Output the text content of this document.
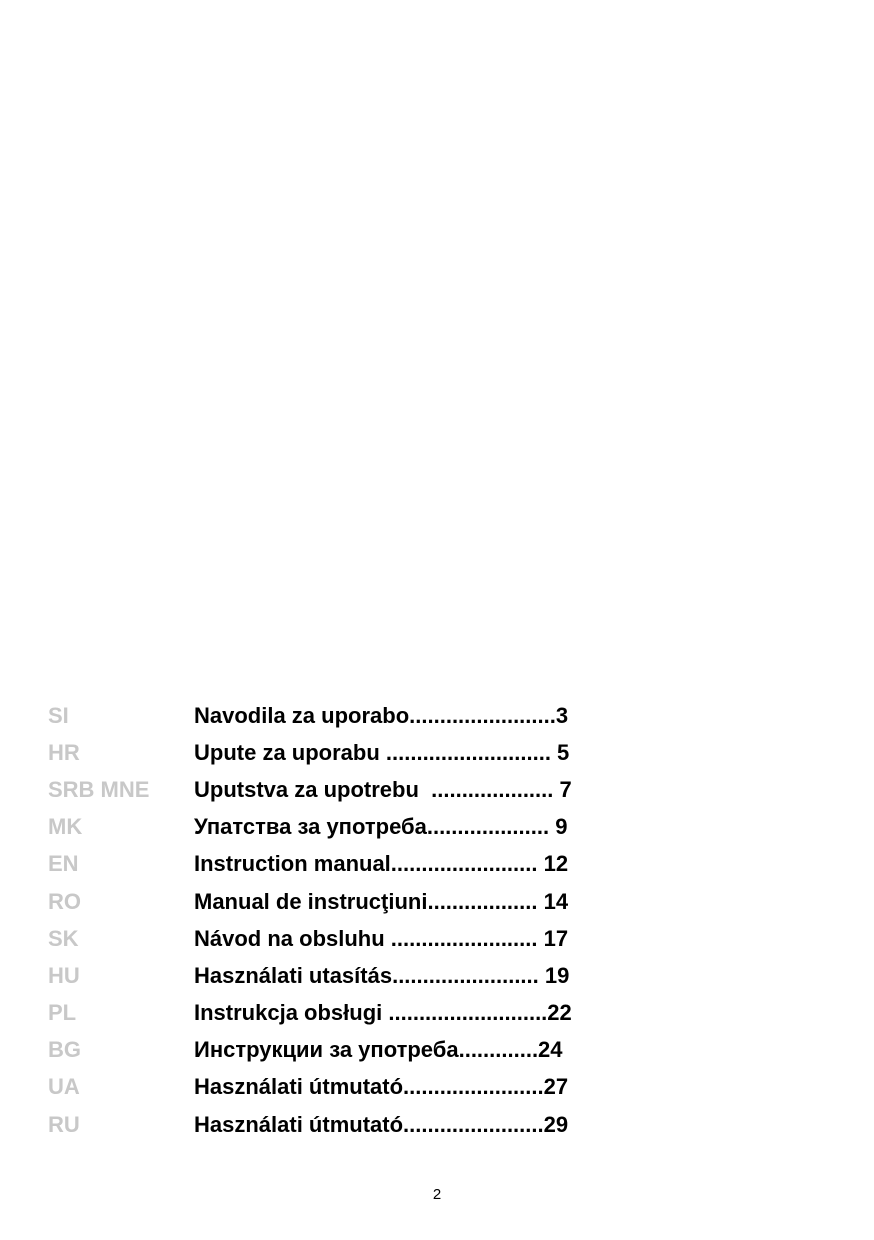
SI	Navodila za uporabo ........................3
HR	Upute za uporabu ........................... 5
SRB MNE	Uputstva za upotrebu .................... 7
MK	Упатства за употреба .................... 9
EN	Instruction manual ........................ 12
RO	Manual de instrucţiuni .................. 14
SK	Návod na obsluhu ........................ 17
HU	Használati utasítás ........................ 19
PL	Instrukcja obsługi ..........................22
BG	Инструкции за употреба .............24
UA	Használati útmutató .......................27
RU	Használati útmutató .......................29
2
